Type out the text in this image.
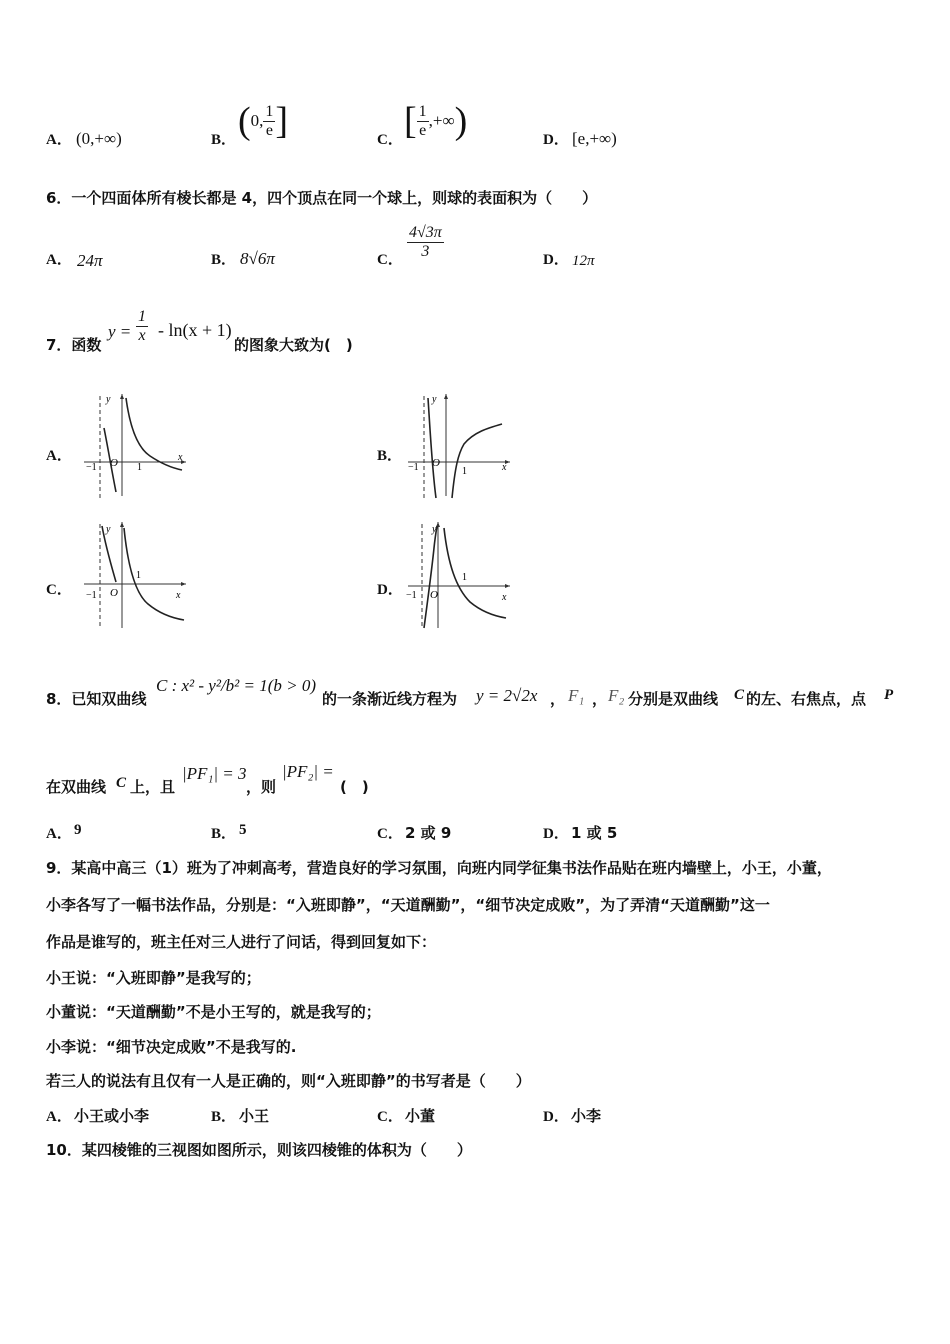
A． (0,+∞)	B． (0, $\frac{1}{e}$ ]	C． [ $\frac{1}{e}$ ,+∞)	D． [e,+∞)
6．一个四面体所有棱长都是 4，四个顶点在同一个球上，则球的表面积为（　　）
A． 24π	B． 8√6π	C． $\frac{4√3\pi}{3}$	D． 12π
7．函数
$y = \frac{1}{x} - \ln(x + 1)$
的图象大致为(　)
A．
y
x
−1 O 1
B．
y
x
−1 O
1
C．
y
x
−1 O
1
D．
y
x
−1 O
1
8．已知双曲线
C : x² - y²/b² = 1(b > 0)
的一条渐近线方程为 y = 2√2x ， F₁ ， F₂ 分别是双曲线 C 的左、右焦点，点 P
在双曲线 C 上，且
|PF₁| = 3
，则
|PF₂| =
(　)
A． 9	B． 5	C． 2 或 9	D． 1 或 5
9．某高中高三（1）班为了冲刺高考，营造良好的学习氛围，向班内同学征集书法作品贴在班内墙壁上，小王，小董，
小李各写了一幅书法作品，分别是：“入班即静”，“天道酬勤”，“细节决定成败”，为了弄清“天道酬勤”这一
作品是谁写的，班主任对三人进行了问话，得到回复如下：
小王说：“入班即静”是我写的；
小董说：“天道酬勤”不是小王写的，就是我写的；
小李说：“细节决定成败”不是我写的.
若三人的说法有且仅有一人是正确的，则“入班即静”的书写者是（　　）
A． 小王或小李	B． 小王	C． 小董	D． 小李
10．某四棱锥的三视图如图所示，则该四棱锥的体积为（　　）
